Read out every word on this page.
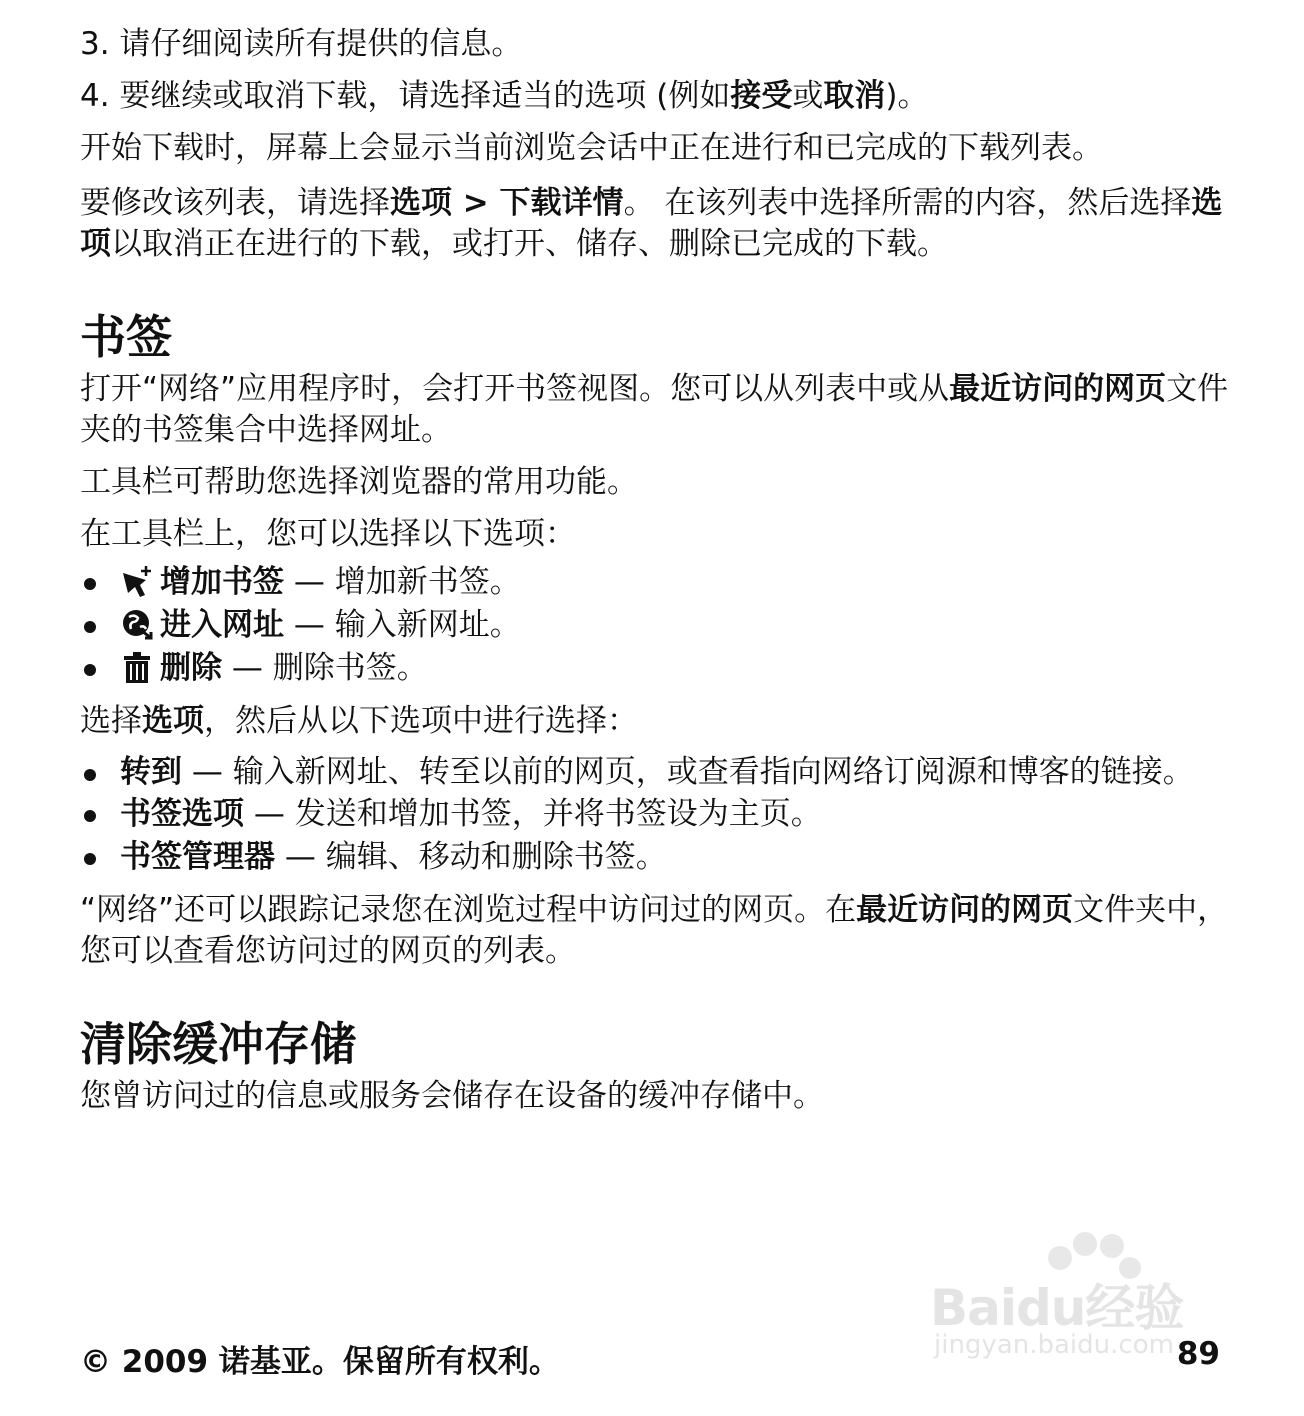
3. 请仔细阅读所有提供的信息。

4. 要继续或取消下载，请选择适当的选项 (例如接受或取消)。

开始下载时，屏幕上会显示当前浏览会话中正在进行和已完成的下载列表。

要修改该列表，请选择选项 > 下载详情。 在该列表中选择所需的内容，然后选择选项以取消正在进行的下载，或打开、储存、删除已完成的下载。

书签

打开“网络”应用程序时，会打开书签视图。您可以从列表中或从最近访问的网页文件夹的书签集合中选择网址。

工具栏可帮助您选择浏览器的常用功能。

在工具栏上，您可以选择以下选项：

增加书签 — 增加新书签。
进入网址 — 输入新网址。
删除 — 删除书签。

选择选项，然后从以下选项中进行选择：

转到 — 输入新网址、转至以前的网页，或查看指向网络订阅源和博客的链接。
书签选项 — 发送和增加书签，并将书签设为主页。
书签管理器 — 编辑、移动和删除书签。

“网络”还可以跟踪记录您在浏览过程中访问过的网页。在最近访问的网页文件夹中，您可以查看您访问过的网页的列表。

清除缓冲存储

您曾访问过的信息或服务会储存在设备的缓冲存储中。

Baidu经验
jingyan.baidu.com
© 2009 诺基亚。保留所有权利。	89
